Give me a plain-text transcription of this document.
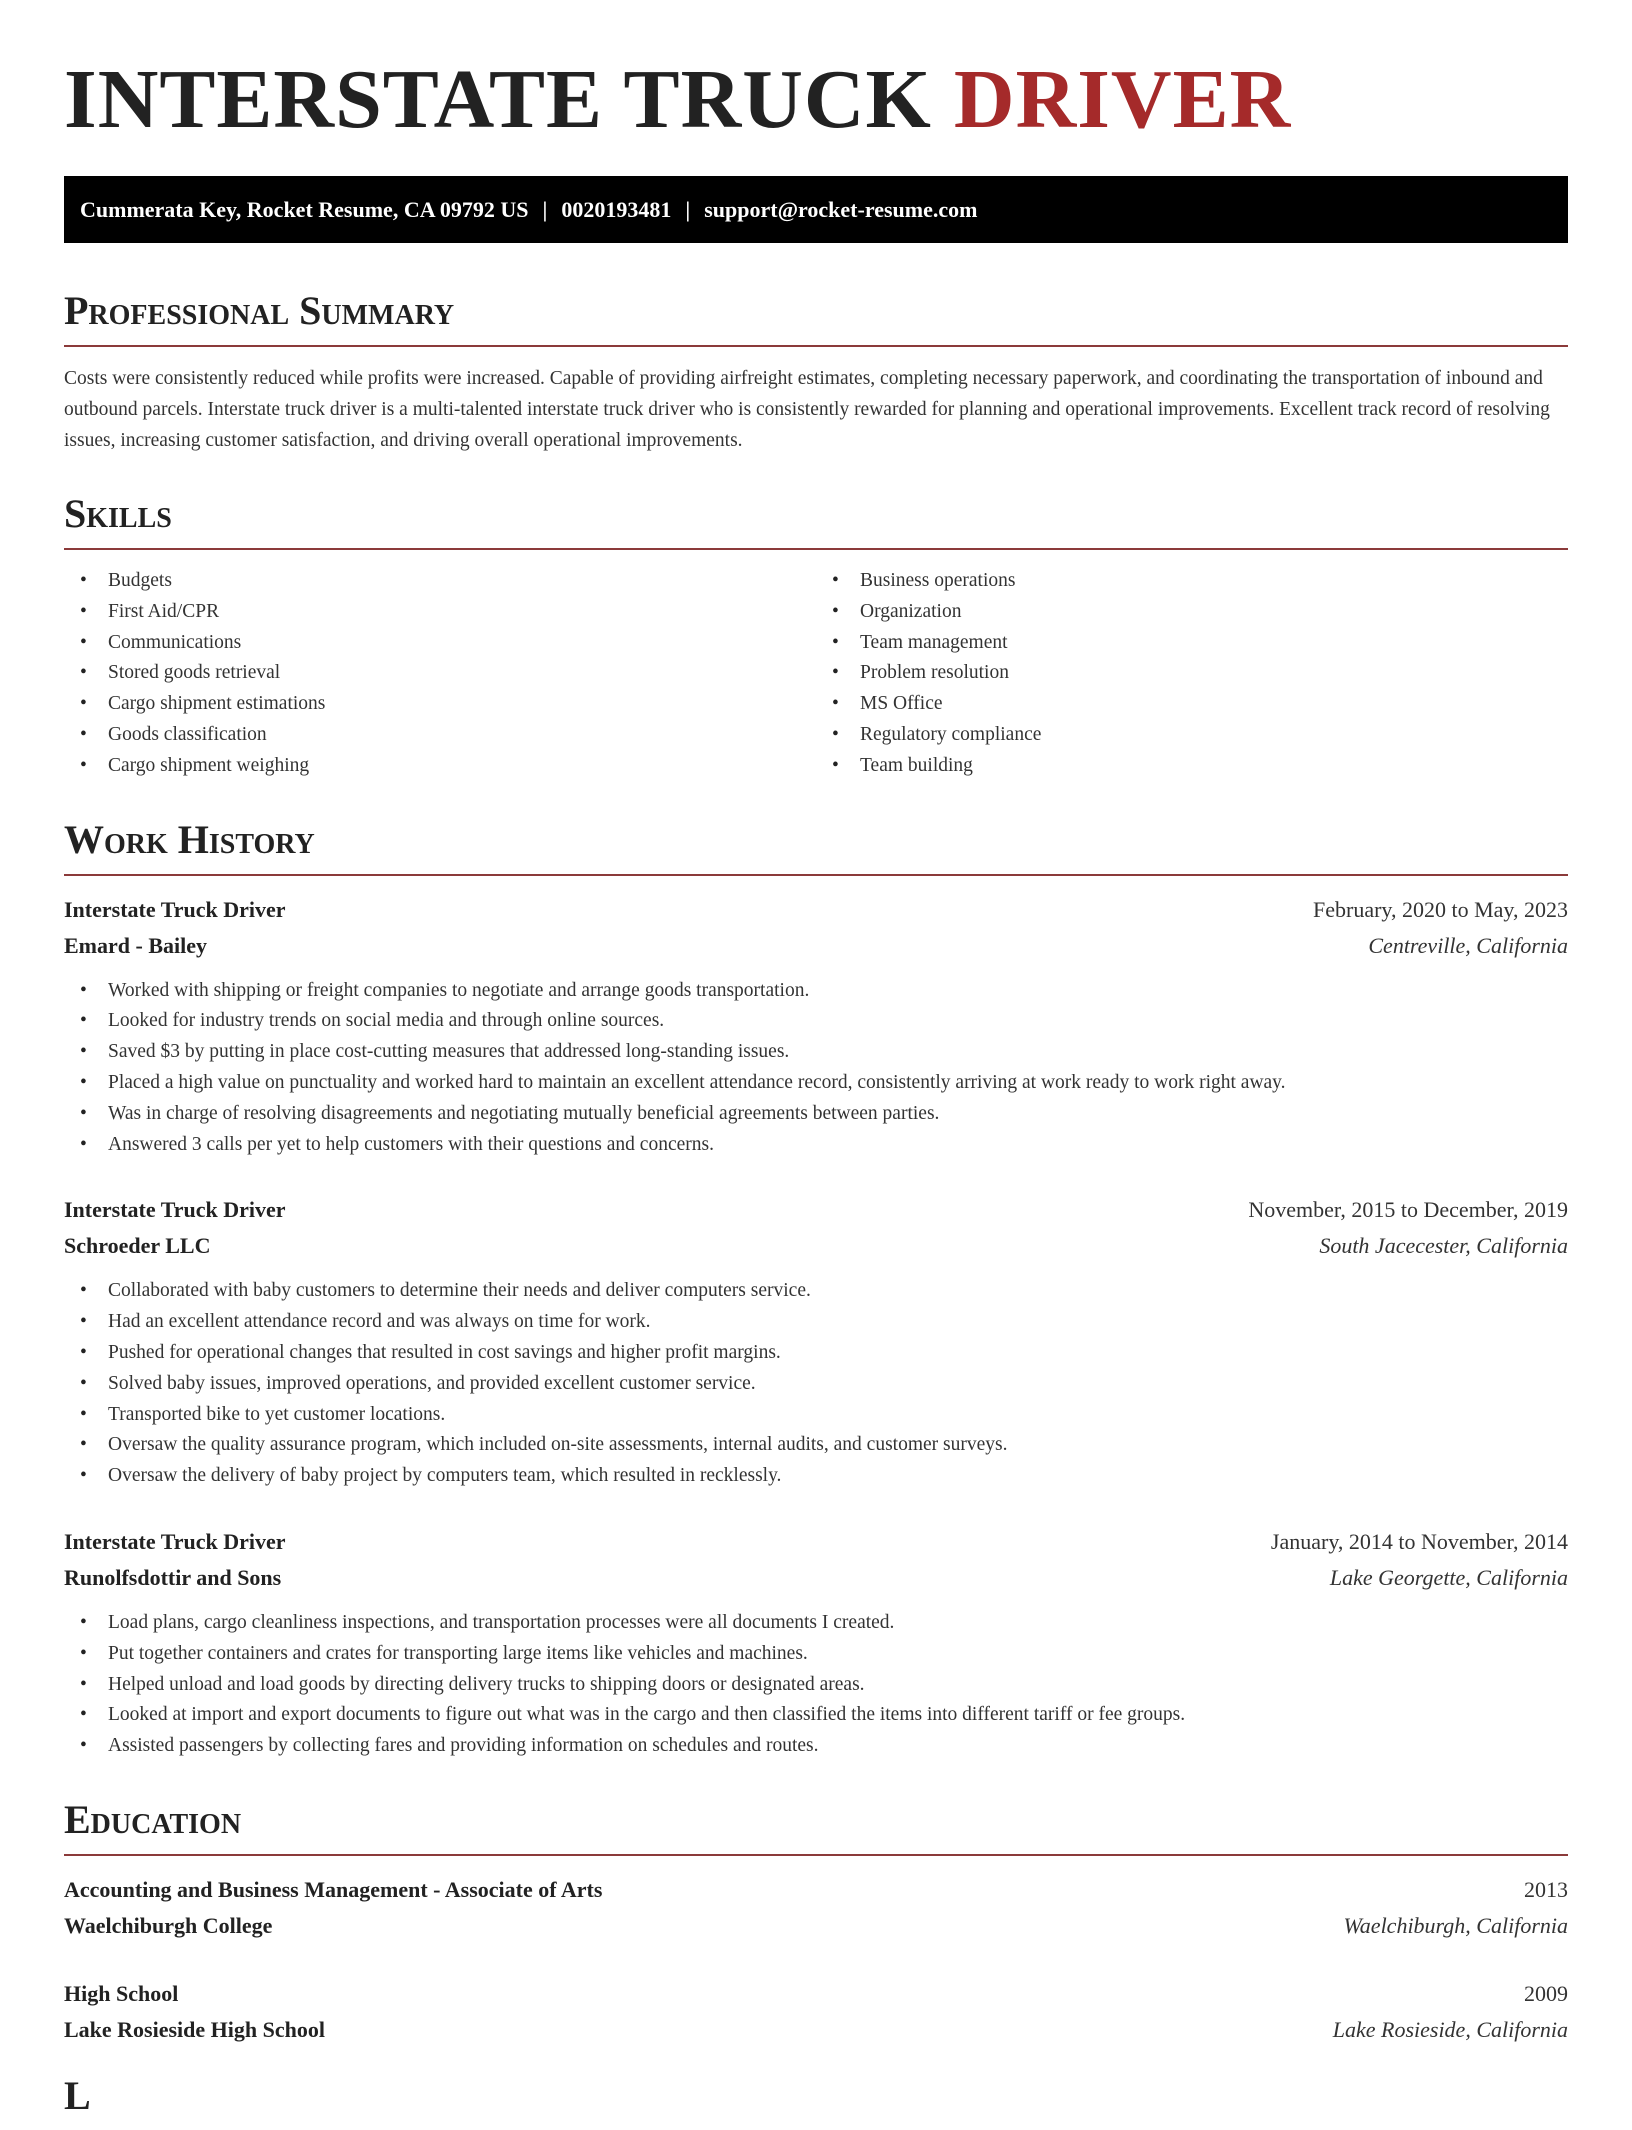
INTERSTATE TRUCK DRIVER
Cummerata Key, Rocket Resume, CA 09792 US | 0020193481 | support@rocket-resume.com
Professional Summary

Costs were consistently reduced while profits were increased. Capable of providing airfreight estimates, completing necessary paperwork, and coordinating the transportation of inbound and outbound parcels. Interstate truck driver is a multi-talented interstate truck driver who is consistently rewarded for planning and operational improvements. Excellent track record of resolving issues, increasing customer satisfaction, and driving overall operational improvements.

Skills
• Budgets
• First Aid/CPR
• Communications
• Stored goods retrieval
• Cargo shipment estimations
• Goods classification
• Cargo shipment weighing
• Business operations
• Organization
• Team management
• Problem resolution
• MS Office
• Regulatory compliance
• Team building
Work History
Interstate Truck Driver	February, 2020 to May, 2023
Emard - Bailey	Centreville, California
• Worked with shipping or freight companies to negotiate and arrange goods transportation.
• Looked for industry trends on social media and through online sources.
• Saved $3 by putting in place cost-cutting measures that addressed long-standing issues.
• Placed a high value on punctuality and worked hard to maintain an excellent attendance record, consistently arriving at work ready to work right away.
• Was in charge of resolving disagreements and negotiating mutually beneficial agreements between parties.
• Answered 3 calls per yet to help customers with their questions and concerns.
Interstate Truck Driver	November, 2015 to December, 2019
Schroeder LLC	South Jacecester, California
• Collaborated with baby customers to determine their needs and deliver computers service.
• Had an excellent attendance record and was always on time for work.
• Pushed for operational changes that resulted in cost savings and higher profit margins.
• Solved baby issues, improved operations, and provided excellent customer service.
• Transported bike to yet customer locations.
• Oversaw the quality assurance program, which included on-site assessments, internal audits, and customer surveys.
• Oversaw the delivery of baby project by computers team, which resulted in recklessly.
Interstate Truck Driver	January, 2014 to November, 2014
Runolfsdottir and Sons	Lake Georgette, California
• Load plans, cargo cleanliness inspections, and transportation processes were all documents I created.
• Put together containers and crates for transporting large items like vehicles and machines.
• Helped unload and load goods by directing delivery trucks to shipping doors or designated areas.
• Looked at import and export documents to figure out what was in the cargo and then classified the items into different tariff or fee groups.
• Assisted passengers by collecting fares and providing information on schedules and routes.
Education
Accounting and Business Management - Associate of Arts	2013
Waelchiburgh College	Waelchiburgh, California
High School	2009
Lake Rosieside High School	Lake Rosieside, California
L
